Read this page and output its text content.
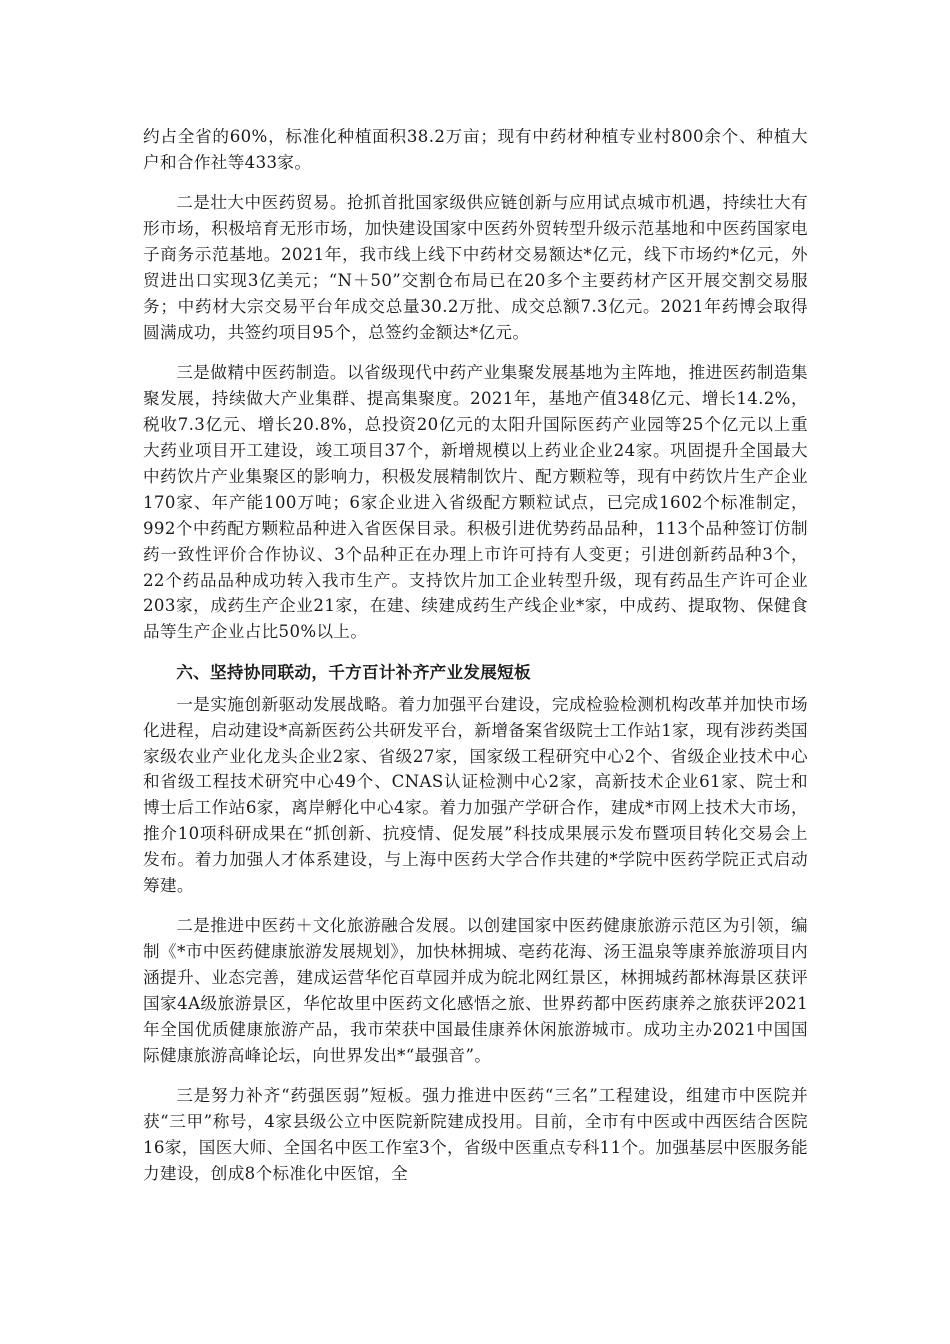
约占全省的60%，标准化种植面积38.2万亩；现有中药材种植专业村800余个、种植大户和合作社等433家。

二是壮大中医药贸易。抢抓首批国家级供应链创新与应用试点城市机遇，持续壮大有形市场，积极培育无形市场，加快建设国家中医药外贸转型升级示范基地和中医药国家电子商务示范基地。2021年，我市线上线下中药材交易额达*亿元，线下市场约*亿元，外贸进出口实现3亿美元；“N＋50”交割仓布局已在20多个主要药材产区开展交割交易服务；中药材大宗交易平台年成交总量30.2万批、成交总额7.3亿元。2021年药博会取得圆满成功，共签约项目95个，总签约金额达*亿元。

三是做精中医药制造。以省级现代中药产业集聚发展基地为主阵地，推进医药制造集聚发展，持续做大产业集群、提高集聚度。2021年，基地产值348亿元、增长14.2%，税收7.3亿元、增长20.8%，总投资20亿元的太阳升国际医药产业园等25个亿元以上重大药业项目开工建设，竣工项目37个，新增规模以上药业企业24家。巩固提升全国最大中药饮片产业集聚区的影响力，积极发展精制饮片、配方颗粒等，现有中药饮片生产企业170家、年产能100万吨；6家企业进入省级配方颗粒试点，已完成1602个标准制定，992个中药配方颗粒品种进入省医保目录。积极引进优势药品品种，113个品种签订仿制药一致性评价合作协议、3个品种正在办理上市许可持有人变更；引进创新药品种3个，22个药品品种成功转入我市生产。支持饮片加工企业转型升级，现有药品生产许可企业203家，成药生产企业21家，在建、续建成药生产线企业*家，中成药、提取物、保健食品等生产企业占比50%以上。

六、坚持协同联动，千方百计补齐产业发展短板

一是实施创新驱动发展战略。着力加强平台建设，完成检验检测机构改革并加快市场化进程，启动建设*高新医药公共研发平台，新增备案省级院士工作站1家，现有涉药类国家级农业产业化龙头企业2家、省级27家，国家级工程研究中心2个、省级企业技术中心和省级工程技术研究中心49个、CNAS认证检测中心2家，高新技术企业61家、院士和博士后工作站6家，离岸孵化中心4家。着力加强产学研合作，建成*市网上技术大市场，推介10项科研成果在“抓创新、抗疫情、促发展”科技成果展示发布暨项目转化交易会上发布。着力加强人才体系建设，与上海中医药大学合作共建的*学院中医药学院正式启动筹建。

二是推进中医药＋文化旅游融合发展。以创建国家中医药健康旅游示范区为引领，编制《*市中医药健康旅游发展规划》，加快林拥城、亳药花海、汤王温泉等康养旅游项目内涵提升、业态完善，建成运营华佗百草园并成为皖北网红景区，林拥城药都林海景区获评国家4A级旅游景区，华佗故里中医药文化感悟之旅、世界药都中医药康养之旅获评2021年全国优质健康旅游产品，我市荣获中国最佳康养休闲旅游城市。成功主办2021中国国际健康旅游高峰论坛，向世界发出*“最强音”。

三是努力补齐“药强医弱”短板。强力推进中医药“三名”工程建设，组建市中医院并获“三甲”称号，4家县级公立中医院新院建成投用。目前，全市有中医或中西医结合医院16家，国医大师、全国名中医工作室3个，省级中医重点专科11个。加强基层中医服务能力建设，创成8个标准化中医馆，全
